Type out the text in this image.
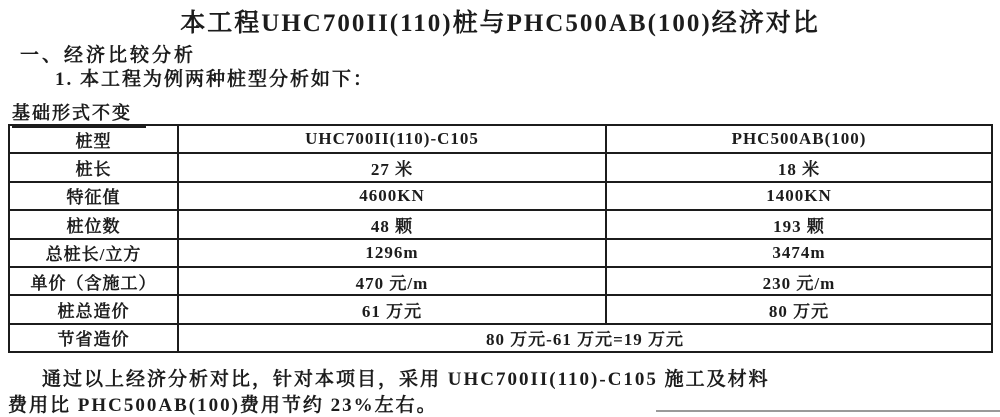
本工程UHC700II(110)桩与PHC500AB(100)经济对比
一、经济比较分析
1. 本工程为例两种桩型分析如下：
基础形式不变
桩型	UHC700II(110)-C105	PHC500AB(100)
桩长	27 米	18 米
特征值	4600KN	1400KN
桩位数	48 颗	193 颗
总桩长/立方	1296m	3474m
单价（含施工）	470 元/m	230 元/m
桩总造价	61 万元	80 万元
节省造价	80 万元-61 万元=19 万元	
通过以上经济分析对比，针对本项目，采用 UHC700II(110)-C105 施工及材料
费用比 PHC500AB(100)费用节约 23%左右。
